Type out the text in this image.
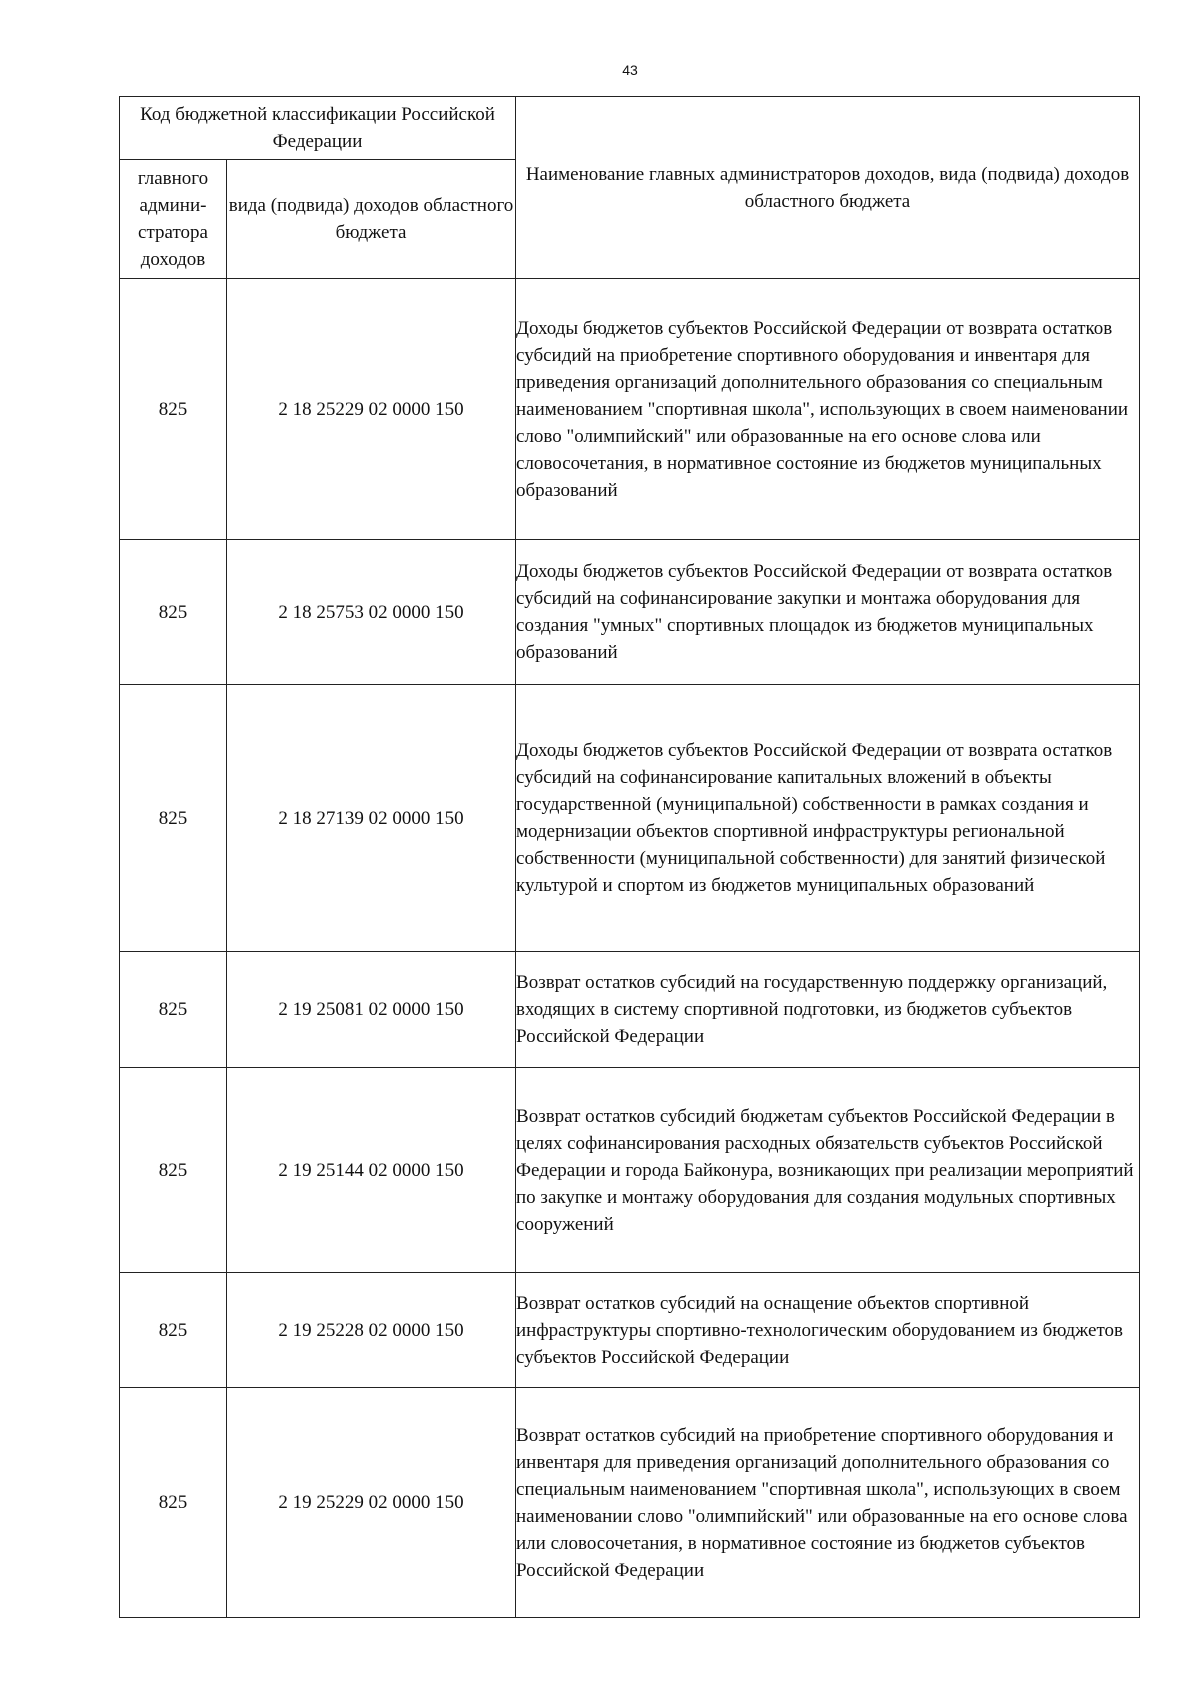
43
Код бюджетной классификации Российской Федерации		Наименование главных администраторов доходов, вида (подвида) доходов областного бюджета
главного админи-стратора доходов	вида (подвида) доходов областного бюджета	
825	2 18 25229 02 0000 150	Доходы бюджетов субъектов Российской Федерации от возврата остатков субсидий на приобретение спортивного оборудования и инвентаря для приведения организаций дополнительного образования со специальным наименованием "спортивная школа", использующих в своем наименовании слово "олимпийский" или образованные на его основе слова или словосочетания, в нормативное состояние из бюджетов муниципальных образований
825	2 18 25753 02 0000 150	Доходы бюджетов субъектов Российской Федерации от возврата остатков субсидий на софинансирование закупки и монтажа оборудования для создания "умных" спортивных площадок из бюджетов муниципальных образований
825	2 18 27139 02 0000 150	Доходы бюджетов субъектов Российской Федерации от возврата остатков субсидий на софинансирование капитальных вложений в объекты государственной (муниципальной) собственности в рамках создания и модернизации объектов спортивной инфраструктуры региональной собственности (муниципальной собственности) для занятий физической культурой и спортом из бюджетов муниципальных образований
825	2 19 25081 02 0000 150	Возврат остатков субсидий на государственную поддержку организаций, входящих в систему спортивной подготовки, из бюджетов субъектов Российской Федерации
825	2 19 25144 02 0000 150	Возврат остатков субсидий бюджетам субъектов Российской Федерации в целях софинансирования расходных обязательств субъектов Российской Федерации и города Байконура, возникающих при реализации мероприятий по закупке и монтажу оборудования для создания модульных спортивных сооружений
825	2 19 25228 02 0000 150	Возврат остатков субсидий на оснащение объектов спортивной инфраструктуры спортивно-технологическим оборудованием из бюджетов субъектов Российской Федерации
825	2 19 25229 02 0000 150	Возврат остатков субсидий на приобретение спортивного оборудования и инвентаря для приведения организаций дополнительного образования со специальным наименованием "спортивная школа", использующих в своем наименовании слово "олимпийский" или образованные на его основе слова или словосочетания, в нормативное состояние из бюджетов субъектов Российской Федерации
